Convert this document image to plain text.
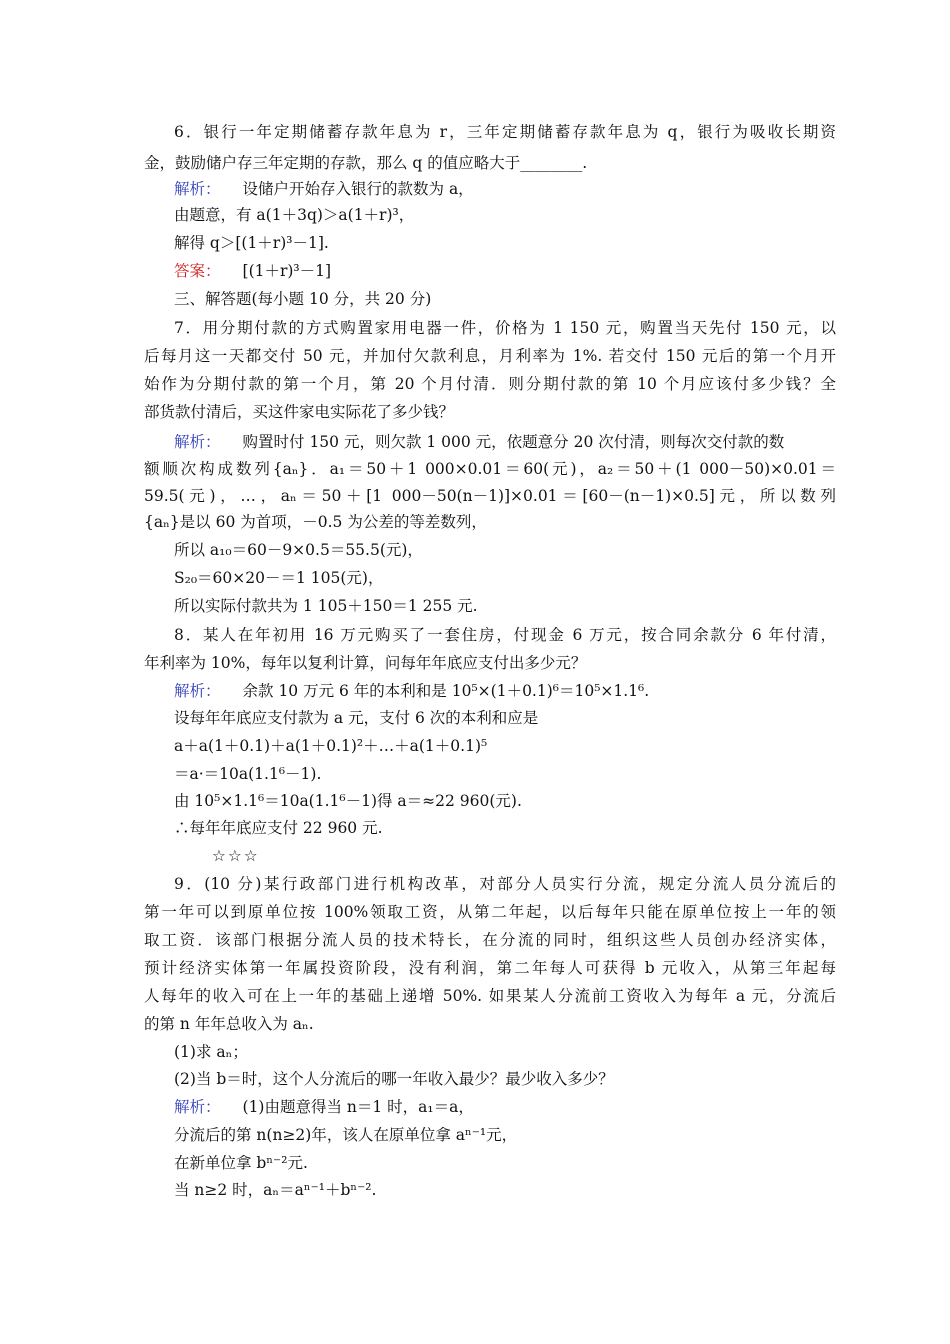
6．银行一年定期储蓄存款年息为 r，三年定期储蓄存款年息为 q，银行为吸收长期资
金，鼓励储户存三年定期的存款，那么 q 的值应略大于________.
解析： 设储户开始存入银行的款数为 a，
由题意，有 a(1＋3q)＞a(1＋r)³，
解得 q＞[(1＋r)³－1].
答案： [(1＋r)³－1]
三、解答题(每小题 10 分，共 20 分)
7．用分期付款的方式购置家用电器一件，价格为 1 150 元，购置当天先付 150 元，以
后每月这一天都交付 50 元，并加付欠款利息，月利率为 1%. 若交付 150 元后的第一个月开
始作为分期付款的第一个月，第 20 个月付清．则分期付款的第 10 个月应该付多少钱？全
部货款付清后，买这件家电实际花了多少钱？
解析： 购置时付 150 元，则欠款 1 000 元，依题意分 20 次付清，则每次交付款的数
额顺次构成数列{aₙ}．a₁＝50＋1 000×0.01＝60(元)，a₂＝50＋(1 000－50)×0.01＝
59.5(元)，…，aₙ＝50＋[1 000－50(n－1)]×0.01＝[60－(n－1)×0.5]元，所以数列
{aₙ}是以 60 为首项，－0.5 为公差的等差数列，
所以 a₁₀＝60－9×0.5＝55.5(元)，
S₂₀＝60×20－＝1 105(元)，
所以实际付款共为 1 105＋150＝1 255 元.
8．某人在年初用 16 万元购买了一套住房，付现金 6 万元，按合同余款分 6 年付清，
年利率为 10%，每年以复利计算，问每年年底应支付出多少元？
解析： 余款 10 万元 6 年的本利和是 10⁵×(1＋0.1)⁶＝10⁵×1.1⁶.
设每年年底应支付款为 a 元，支付 6 次的本利和应是
a＋a(1＋0.1)＋a(1＋0.1)²＋…＋a(1＋0.1)⁵
＝a·＝10a(1.1⁶－1).
由 10⁵×1.1⁶＝10a(1.1⁶－1)得 a＝≈22 960(元).
∴每年年底应支付 22 960 元.
☆☆☆
9．(10 分)某行政部门进行机构改革，对部分人员实行分流，规定分流人员分流后的
第一年可以到原单位按 100%领取工资，从第二年起，以后每年只能在原单位按上一年的领
取工资．该部门根据分流人员的技术特长，在分流的同时，组织这些人员创办经济实体，
预计经济实体第一年属投资阶段，没有利润，第二年每人可获得 b 元收入，从第三年起每
人每年的收入可在上一年的基础上递增 50%. 如果某人分流前工资收入为每年 a 元，分流后
的第 n 年年总收入为 aₙ.
(1)求 aₙ；
(2)当 b＝时，这个人分流后的哪一年收入最少？最少收入多少？
解析： (1)由题意得当 n＝1 时，a₁＝a，
分流后的第 n(n≥2)年，该人在原单位拿 aⁿ⁻¹元，
在新单位拿 bⁿ⁻²元.
当 n≥2 时，aₙ＝aⁿ⁻¹＋bⁿ⁻².
